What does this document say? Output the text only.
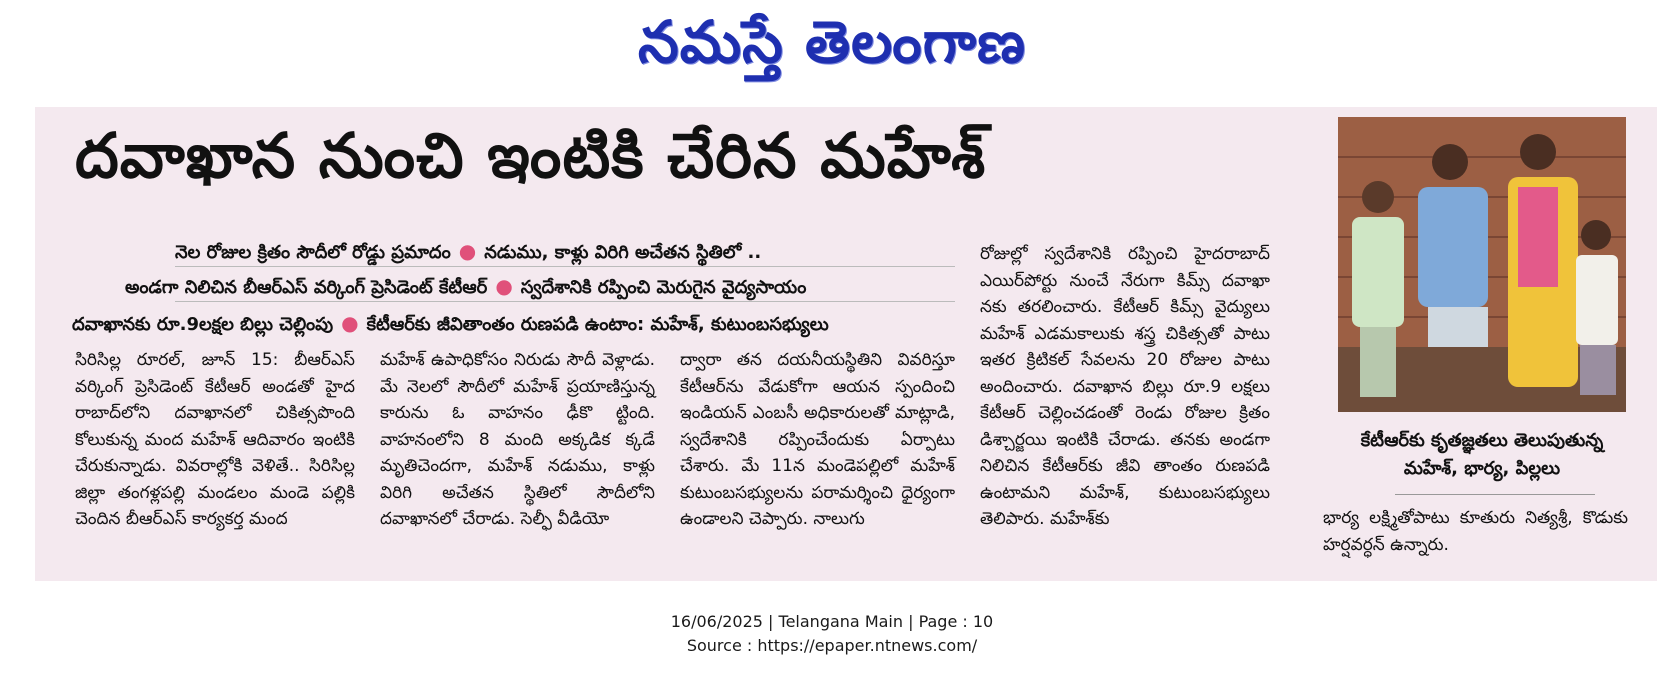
నమస్తే తెలంగాణ
దవాఖాన నుంచి ఇంటికి చేరిన మహేశ్
నెల రోజుల క్రితం సౌదీలో రోడ్డు ప్రమాదం ● నడుము, కాళ్లు విరిగి అచేతన స్థితిలో ..
అండగా నిలిచిన బీఆర్ఎస్ వర్కింగ్ ప్రెసిడెంట్ కేటీఆర్ ● స్వదేశానికి రప్పించి మెరుగైన వైద్యసాయం
దవాఖానకు రూ.9లక్షల బిల్లు చెల్లింపు ● కేటీఆర్‌కు జీవితాంతం రుణపడి ఉంటాం: మహేశ్, కుటుంబసభ్యులు

సిరిసిల్ల రూరల్, జూన్ 15: బీఆర్ఎస్ వర్కింగ్ ప్రెసిడెంట్ కేటీఆర్ అండతో హైద రాబాద్‌లోని దవాఖానలో చికిత్సపొంది కోలుకున్న మంద మహేశ్ ఆదివారం ఇంటికి చేరుకున్నాడు. వివరాల్లోకి వెళితే.. సిరిసిల్ల జిల్లా తంగళ్లపల్లి మండలం మండె పల్లికి చెందిన బీఆర్ఎస్ కార్యకర్త మంద

మహేశ్ ఉపాధికోసం నిరుడు సౌదీ వెళ్లాడు. మే నెలలో సౌదీలో మహేశ్ ప్రయాణిస్తున్న కారును ఓ వాహనం ఢీకొ ట్టింది. వాహనంలోని 8 మంది అక్కడిక క్కడే మృతిచెందగా, మహేశ్ నడుము, కాళ్లు విరిగి అచేతన స్థితిలో సౌదీలోని దవాఖానలో చేరాడు. సెల్ఫీ వీడియో

ద్వారా తన దయనీయస్థితిని వివరిస్తూ కేటీఆర్‌ను వేడుకోగా ఆయన స్పందించి ఇండియన్ ఎంబసీ అధికారులతో మాట్లాడి, స్వదేశానికి రప్పించేందుకు ఏర్పాటు చేశారు. మే 11న మండెపల్లిలో మహేశ్ కుటుంబసభ్యులను పరామర్శించి ధైర్యంగా ఉండాలని చెప్పారు. నాలుగు

రోజుల్లో స్వదేశానికి రప్పించి హైదరాబాద్ ఎయిర్‌పోర్టు నుంచే నేరుగా కిమ్స్ దవాఖా నకు తరలించారు. కేటీఆర్ కిమ్స్ వైద్యులు మహేశ్ ఎడమకాలుకు శస్త్ర చికిత్సతో పాటు ఇతర క్రిటికల్ సేవలను 20 రోజుల పాటు అందించారు. దవాఖాన బిల్లు రూ.9 లక్షలు కేటీఆర్ చెల్లించడంతో రెండు రోజుల క్రితం డిశ్చార్జయి ఇంటికి చేరాడు. తనకు అండగా నిలిచిన కేటీఆర్‌కు జీవి తాంతం రుణపడి ఉంటామని మహేశ్, కుటుంబసభ్యులు తెలిపారు. మహేశ్‌కు

కేటీఆర్‌కు కృతజ్ఞతలు తెలుపుతున్న
మహేశ్, భార్య, పిల్లలు

భార్య లక్ష్మితోపాటు కూతురు నిత్యశ్రీ, కొడుకు హర్షవర్ధన్ ఉన్నారు.

16/06/2025 | Telangana Main | Page : 10
Source : https://epaper.ntnews.com/
